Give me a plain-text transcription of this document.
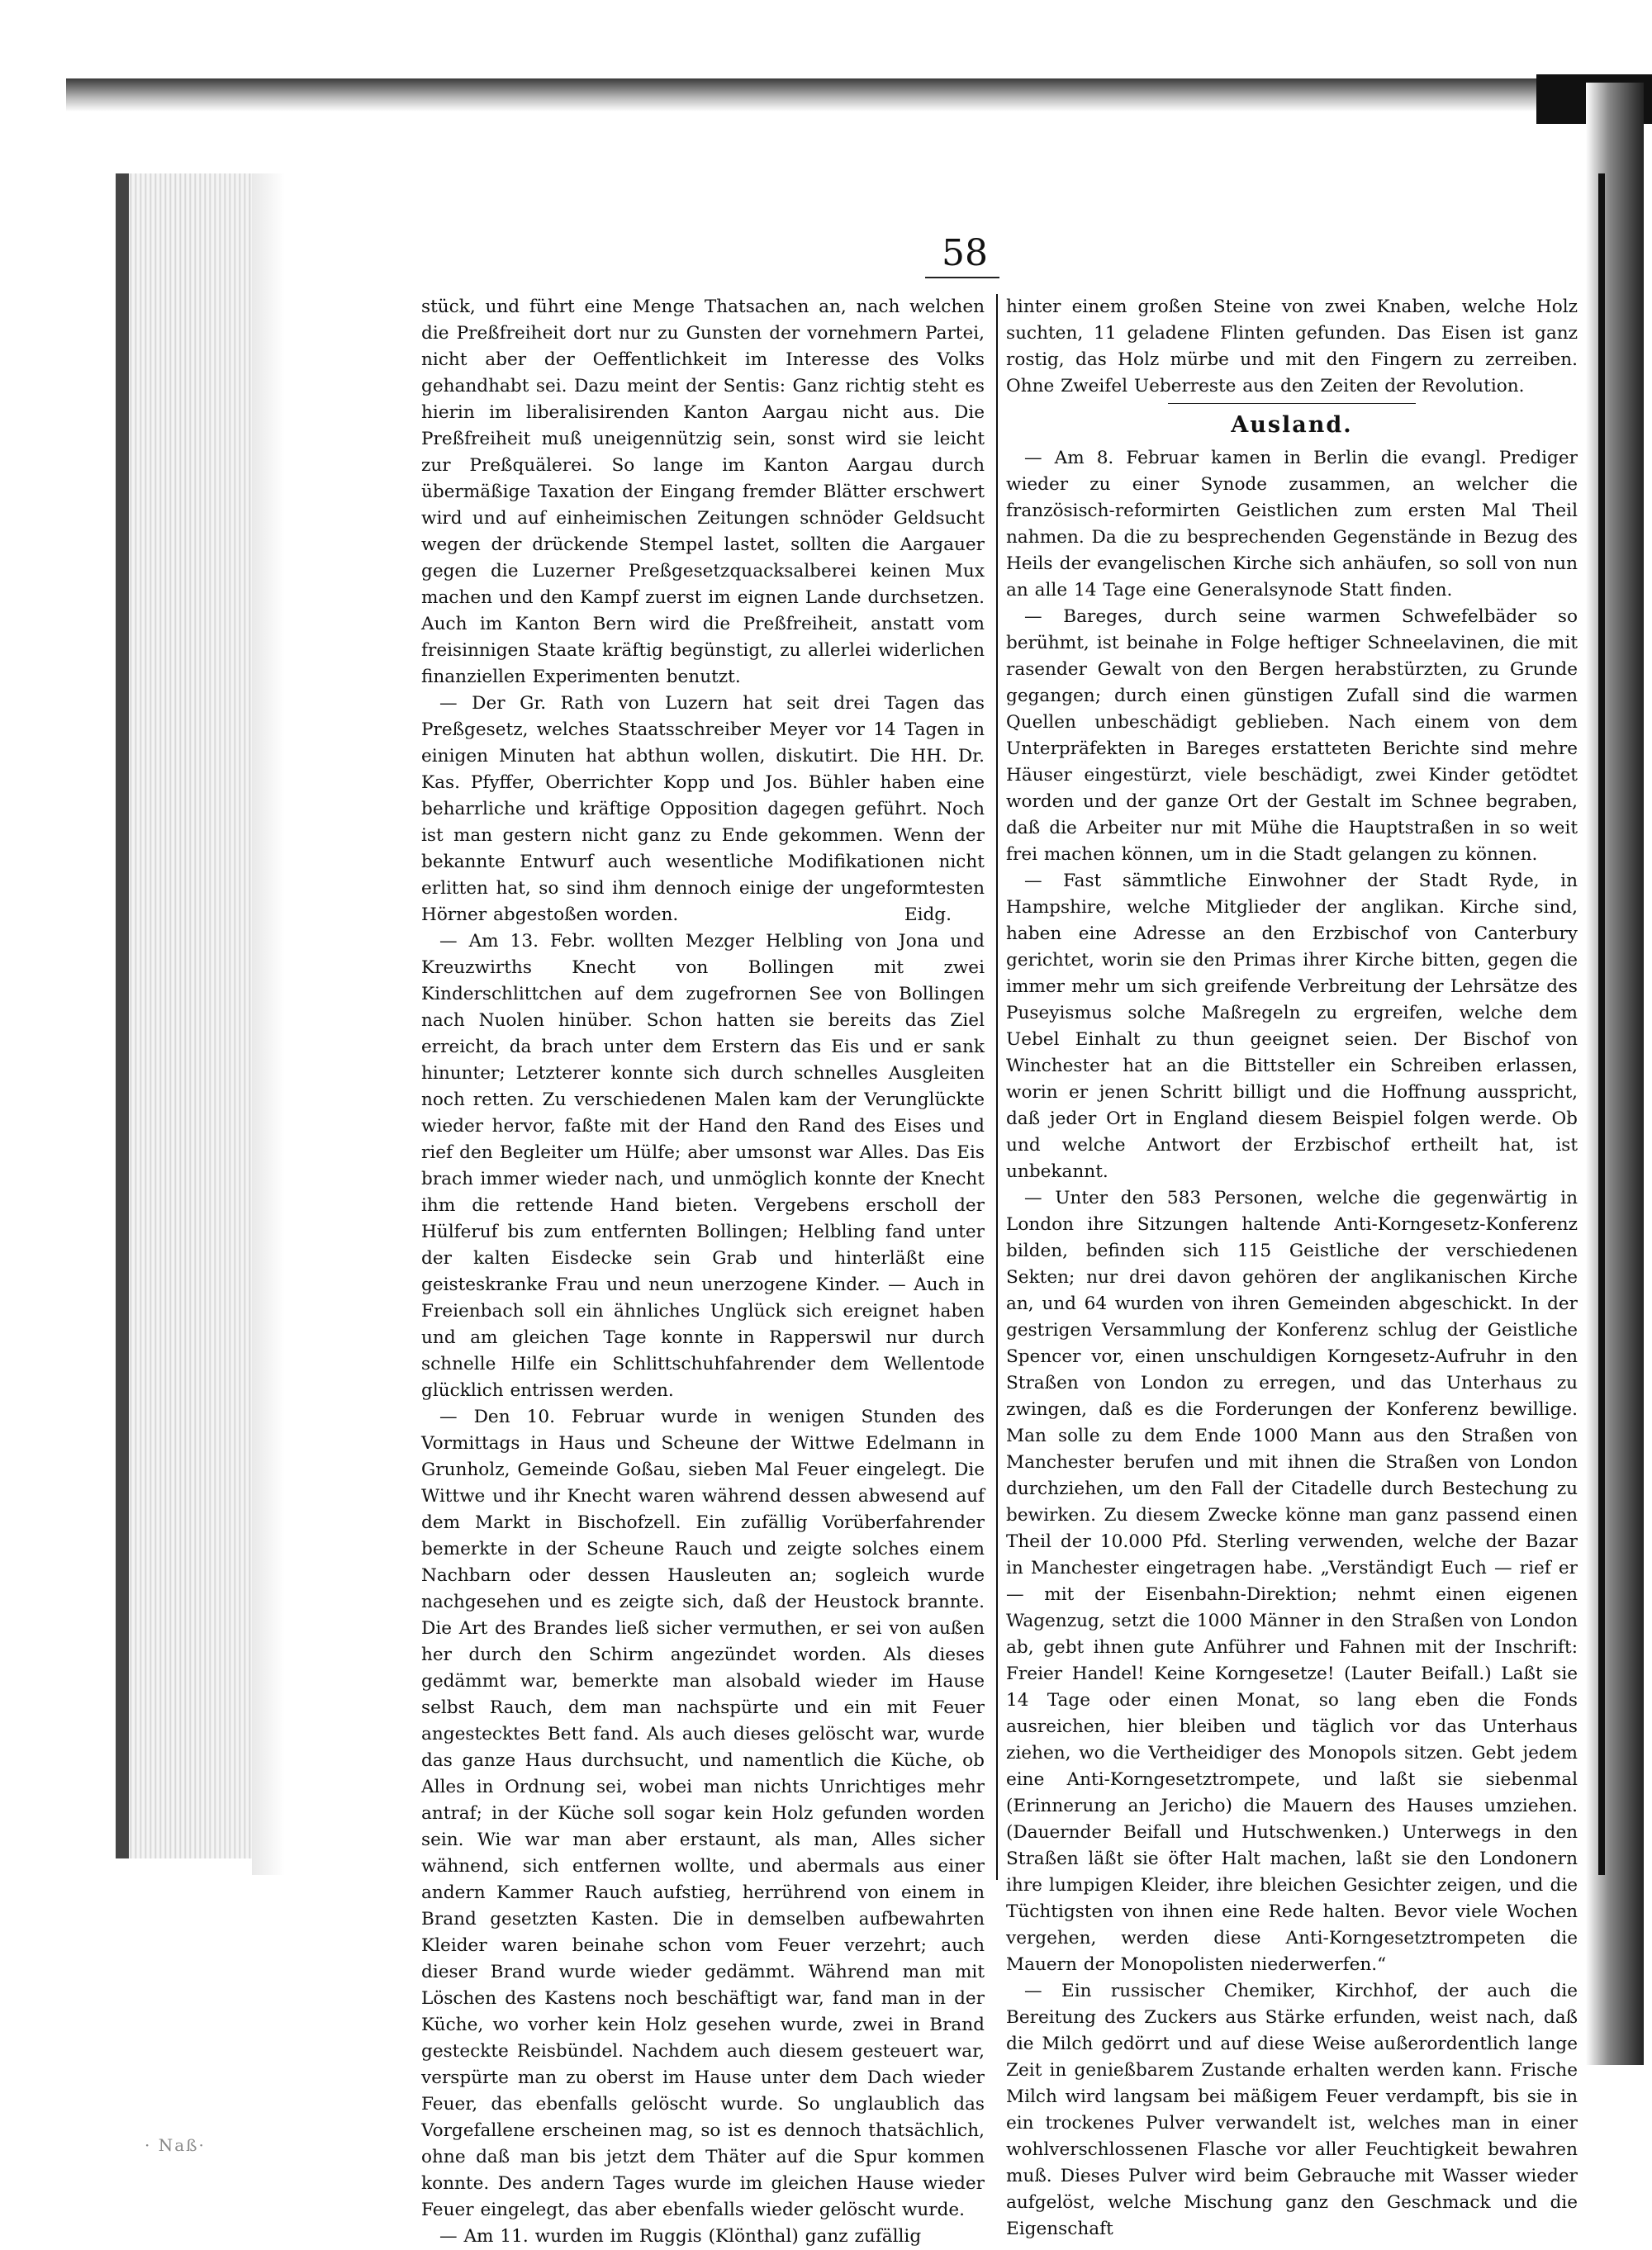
58

stück, und führt eine Menge Thatsachen an, nach welchen die Preßfreiheit dort nur zu Gunsten der vornehmern Partei, nicht aber der Oeffentlichkeit im Interesse des Volks gehandhabt sei. Dazu meint der Sentis: Ganz richtig steht es hierin im liberalisirenden Kanton Aargau nicht aus. Die Preßfreiheit muß uneigennützig sein, sonst wird sie leicht zur Preßquälerei. So lange im Kanton Aargau durch übermäßige Taxation der Eingang fremder Blätter erschwert wird und auf einheimischen Zeitungen schnöder Geldsucht wegen der drückende Stempel lastet, sollten die Aargauer gegen die Luzerner Preßgesetzquacksalberei keinen Mux machen und den Kampf zuerst im eignen Lande durchsetzen. Auch im Kanton Bern wird die Preßfreiheit, anstatt vom freisinnigen Staate kräftig begünstigt, zu allerlei widerlichen finanziellen Experimenten benutzt.

— Der Gr. Rath von Luzern hat seit drei Tagen das Preßgesetz, welches Staatsschreiber Meyer vor 14 Tagen in einigen Minuten hat abthun wollen, diskutirt. Die HH. Dr. Kas. Pfyffer, Oberrichter Kopp und Jos. Bühler haben eine beharrliche und kräftige Opposition dagegen geführt. Noch ist man gestern nicht ganz zu Ende gekommen. Wenn der bekannte Entwurf auch wesentliche Modifikationen nicht erlitten hat, so sind ihm dennoch einige der ungeformtesten Hörner abgestoßen worden.	Eidg.

— Am 13. Febr. wollten Mezger Helbling von Jona und Kreuzwirths Knecht von Bollingen mit zwei Kinderschlittchen auf dem zugefrornen See von Bollingen nach Nuolen hinüber. Schon hatten sie bereits das Ziel erreicht, da brach unter dem Erstern das Eis und er sank hinunter; Letzterer konnte sich durch schnelles Ausgleiten noch retten. Zu verschiedenen Malen kam der Verunglückte wieder hervor, faßte mit der Hand den Rand des Eises und rief den Begleiter um Hülfe; aber umsonst war Alles. Das Eis brach immer wieder nach, und unmöglich konnte der Knecht ihm die rettende Hand bieten. Vergebens erscholl der Hülferuf bis zum entfernten Bollingen; Helbling fand unter der kalten Eisdecke sein Grab und hinterläßt eine geisteskranke Frau und neun unerzogene Kinder. — Auch in Freienbach soll ein ähnliches Unglück sich ereignet haben und am gleichen Tage konnte in Rapperswil nur durch schnelle Hilfe ein Schlittschuhfahrender dem Wellentode glücklich entrissen werden.

— Den 10. Februar wurde in wenigen Stunden des Vormittags in Haus und Scheune der Wittwe Edelmann in Grunholz, Gemeinde Goßau, sieben Mal Feuer eingelegt. Die Wittwe und ihr Knecht waren während dessen abwesend auf dem Markt in Bischofzell. Ein zufällig Vorüberfahrender bemerkte in der Scheune Rauch und zeigte solches einem Nachbarn oder dessen Hausleuten an; sogleich wurde nachgesehen und es zeigte sich, daß der Heustock brannte. Die Art des Brandes ließ sicher vermuthen, er sei von außen her durch den Schirm angezündet worden. Als dieses gedämmt war, bemerkte man alsobald wieder im Hause selbst Rauch, dem man nachspürte und ein mit Feuer angestecktes Bett fand. Als auch dieses gelöscht war, wurde das ganze Haus durchsucht, und namentlich die Küche, ob Alles in Ordnung sei, wobei man nichts Unrichtiges mehr antraf; in der Küche soll sogar kein Holz gefunden worden sein. Wie war man aber erstaunt, als man, Alles sicher wähnend, sich entfernen wollte, und abermals aus einer andern Kammer Rauch aufstieg, herrührend von einem in Brand gesetzten Kasten. Die in demselben aufbewahrten Kleider waren beinahe schon vom Feuer verzehrt; auch dieser Brand wurde wieder gedämmt. Während man mit Löschen des Kastens noch beschäftigt war, fand man in der Küche, wo vorher kein Holz gesehen wurde, zwei in Brand gesteckte Reisbündel. Nachdem auch diesem gesteuert war, verspürte man zu oberst im Hause unter dem Dach wieder Feuer, das ebenfalls gelöscht wurde. So unglaublich das Vorgefallene erscheinen mag, so ist es dennoch thatsächlich, ohne daß man bis jetzt dem Thäter auf die Spur kommen konnte. Des andern Tages wurde im gleichen Hause wieder Feuer eingelegt, das aber ebenfalls wieder gelöscht wurde.

— Am 11. wurden im Ruggis (Klönthal) ganz zufällig

hinter einem großen Steine von zwei Knaben, welche Holz suchten, 11 geladene Flinten gefunden. Das Eisen ist ganz rostig, das Holz mürbe und mit den Fingern zu zerreiben. Ohne Zweifel Ueberreste aus den Zeiten der Revolution.

Ausland.

— Am 8. Februar kamen in Berlin die evangl. Prediger wieder zu einer Synode zusammen, an welcher die französisch-reformirten Geistlichen zum ersten Mal Theil nahmen. Da die zu besprechenden Gegenstände in Bezug des Heils der evangelischen Kirche sich anhäufen, so soll von nun an alle 14 Tage eine Generalsynode Statt finden.

— Bareges, durch seine warmen Schwefelbäder so berühmt, ist beinahe in Folge heftiger Schneelavinen, die mit rasender Gewalt von den Bergen herabstürzten, zu Grunde gegangen; durch einen günstigen Zufall sind die warmen Quellen unbeschädigt geblieben. Nach einem von dem Unterpräfekten in Bareges erstatteten Berichte sind mehre Häuser eingestürzt, viele beschädigt, zwei Kinder getödtet worden und der ganze Ort der Gestalt im Schnee begraben, daß die Arbeiter nur mit Mühe die Hauptstraßen in so weit frei machen können, um in die Stadt gelangen zu können.

— Fast sämmtliche Einwohner der Stadt Ryde, in Hampshire, welche Mitglieder der anglikan. Kirche sind, haben eine Adresse an den Erzbischof von Canterbury gerichtet, worin sie den Primas ihrer Kirche bitten, gegen die immer mehr um sich greifende Verbreitung der Lehrsätze des Puseyismus solche Maßregeln zu ergreifen, welche dem Uebel Einhalt zu thun geeignet seien. Der Bischof von Winchester hat an die Bittsteller ein Schreiben erlassen, worin er jenen Schritt billigt und die Hoffnung ausspricht, daß jeder Ort in England diesem Beispiel folgen werde. Ob und welche Antwort der Erzbischof ertheilt hat, ist unbekannt.

— Unter den 583 Personen, welche die gegenwärtig in London ihre Sitzungen haltende Anti-Korngesetz-Konferenz bilden, befinden sich 115 Geistliche der verschiedenen Sekten; nur drei davon gehören der anglikanischen Kirche an, und 64 wurden von ihren Gemeinden abgeschickt. In der gestrigen Versammlung der Konferenz schlug der Geistliche Spencer vor, einen unschuldigen Korngesetz-Aufruhr in den Straßen von London zu erregen, und das Unterhaus zu zwingen, daß es die Forderungen der Konferenz bewillige. Man solle zu dem Ende 1000 Mann aus den Straßen von Manchester berufen und mit ihnen die Straßen von London durchziehen, um den Fall der Citadelle durch Bestechung zu bewirken. Zu diesem Zwecke könne man ganz passend einen Theil der 10.000 Pfd. Sterling verwenden, welche der Bazar in Manchester eingetragen habe. „Verständigt Euch — rief er — mit der Eisenbahn-Direktion; nehmt einen eigenen Wagenzug, setzt die 1000 Männer in den Straßen von London ab, gebt ihnen gute Anführer und Fahnen mit der Inschrift: Freier Handel! Keine Korngesetze! (Lauter Beifall.) Laßt sie 14 Tage oder einen Monat, so lang eben die Fonds ausreichen, hier bleiben und täglich vor das Unterhaus ziehen, wo die Vertheidiger des Monopols sitzen. Gebt jedem eine Anti-Korngesetztrompete, und laßt sie siebenmal (Erinnerung an Jericho) die Mauern des Hauses umziehen. (Dauernder Beifall und Hutschwenken.) Unterwegs in den Straßen läßt sie öfter Halt machen, laßt sie den Londonern ihre lumpigen Kleider, ihre bleichen Gesichter zeigen, und die Tüchtigsten von ihnen eine Rede halten. Bevor viele Wochen vergehen, werden diese Anti-Korngesetztrompeten die Mauern der Monopolisten niederwerfen.“

— Ein russischer Chemiker, Kirchhof, der auch die Bereitung des Zuckers aus Stärke erfunden, weist nach, daß die Milch gedörrt und auf diese Weise außerordentlich lange Zeit in genießbarem Zustande erhalten werden kann. Frische Milch wird langsam bei mäßigem Feuer verdampft, bis sie in ein trockenes Pulver verwandelt ist, welches man in einer wohlverschlossenen Flasche vor aller Feuchtigkeit bewahren muß. Dieses Pulver wird beim Gebrauche mit Wasser wieder aufgelöst, welche Mischung ganz den Geschmack und die Eigenschaft

· Naß·
